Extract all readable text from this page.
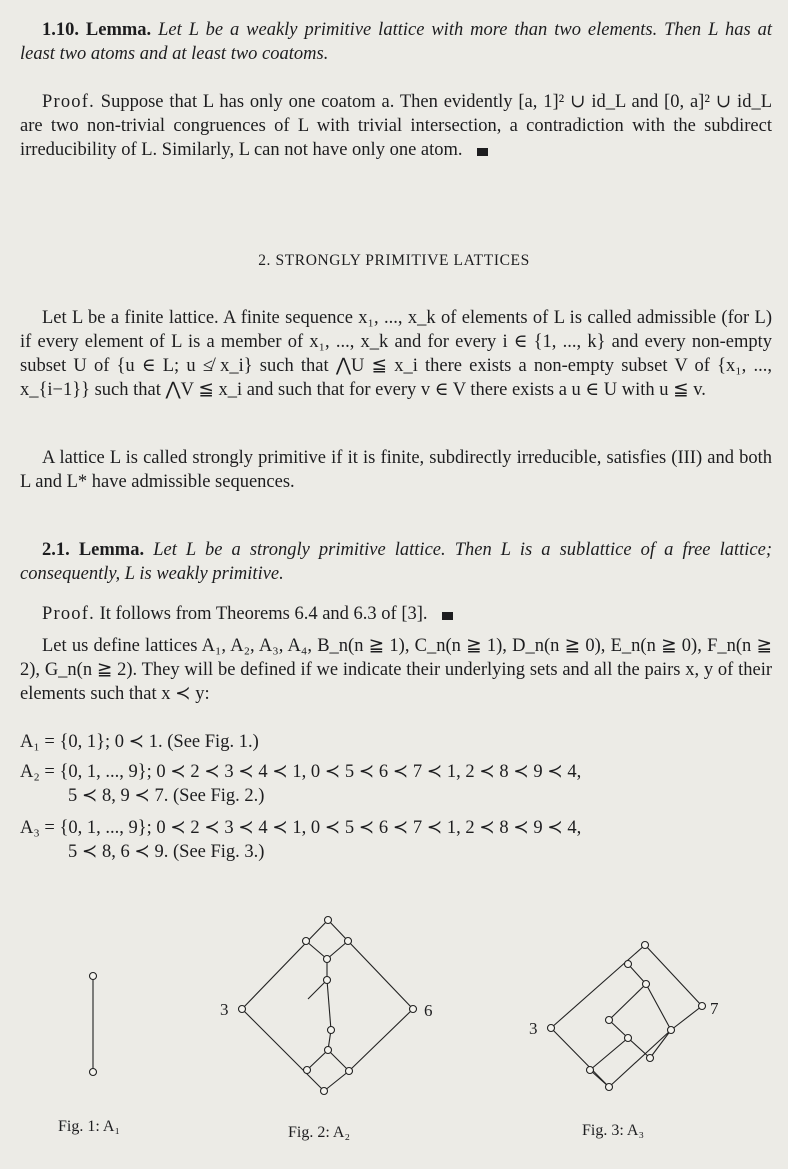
1.10. Lemma. Let L be a weakly primitive lattice with more than two elements. Then L has at least two atoms and at least two coatoms.

Proof. Suppose that L has only one coatom a. Then evidently [a, 1]² ∪ id_L and [0, a]² ∪ id_L are two non-trivial congruences of L with trivial intersection, a contradiction with the subdirect irreducibility of L. Similarly, L can not have only one atom.

2. STRONGLY PRIMITIVE LATTICES

Let L be a finite lattice. A finite sequence x₁, ..., x_k of elements of L is called admissible (for L) if every element of L is a member of x₁, ..., x_k and for every i ∈ {1, ..., k} and every non-empty subset U of {u ∈ L; u ≰ x_i} such that ⋀U ≦ x_i there exists a non-empty subset V of {x₁, ..., x_{i−1}} such that ⋀V ≦ x_i and such that for every v ∈ V there exists a u ∈ U with u ≦ v.

A lattice L is called strongly primitive if it is finite, subdirectly irreducible, satisfies (III) and both L and L* have admissible sequences.

2.1. Lemma. Let L be a strongly primitive lattice. Then L is a sublattice of a free lattice; consequently, L is weakly primitive.

Proof. It follows from Theorems 6.4 and 6.3 of [3].

Let us define lattices A₁, A₂, A₃, A₄, B_n(n ≧ 1), C_n(n ≧ 1), D_n(n ≧ 0), E_n(n ≧ 0), F_n(n ≧ 2), G_n(n ≧ 2). They will be defined if we indicate their underlying sets and all the pairs x, y of their elements such that x ≺ y:

A₁ = {0, 1}; 0 ≺ 1. (See Fig. 1.)
A₂ = {0, 1, ..., 9}; 0 ≺ 2 ≺ 3 ≺ 4 ≺ 1, 0 ≺ 5 ≺ 6 ≺ 7 ≺ 1, 2 ≺ 8 ≺ 9 ≺ 4,
5 ≺ 8, 9 ≺ 7. (See Fig. 2.)
A₃ = {0, 1, ..., 9}; 0 ≺ 2 ≺ 3 ≺ 4 ≺ 1, 0 ≺ 5 ≺ 6 ≺ 7 ≺ 1, 2 ≺ 8 ≺ 9 ≺ 4,
5 ≺ 8, 6 ≺ 9. (See Fig. 3.)
Fig. 1: A₁
3	6
Fig. 2: A₂
3
7
Fig. 3: A₃
